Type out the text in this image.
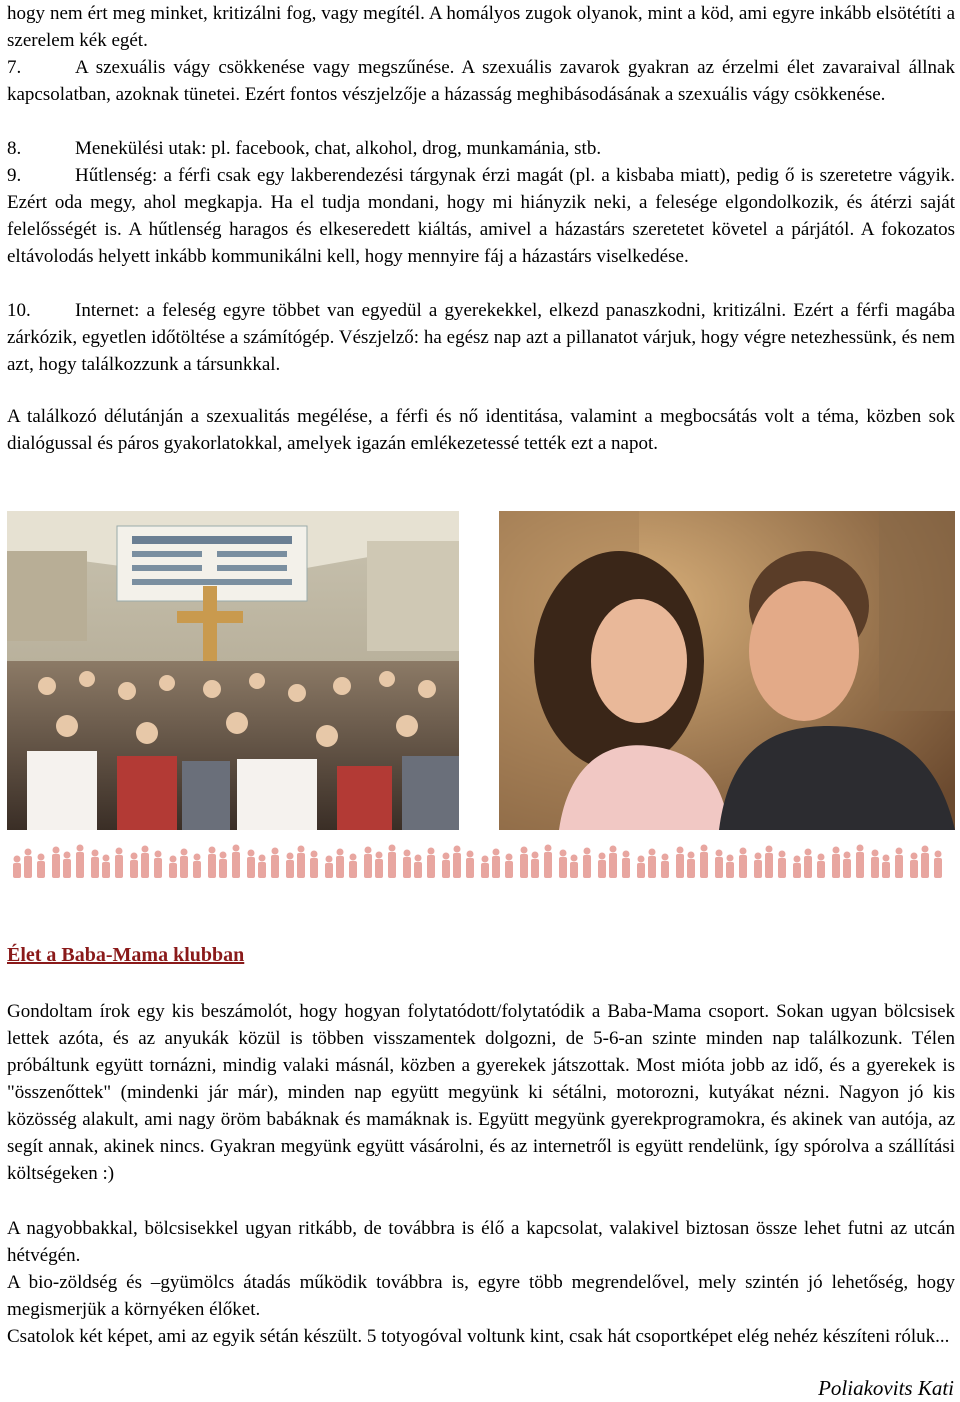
hogy nem ért meg minket, kritizálni fog, vagy megítél. A homályos zugok olyanok, mint a köd, ami egyre inkább elsötétíti a szerelem kék egét.

7.	A szexuális vágy csökkenése vagy megszűnése. A szexuális zavarok gyakran az érzelmi élet zavaraival állnak kapcsolatban, azoknak tünetei. Ezért fontos vészjelzője a házasság meghibásodásának a szexuális vágy csökkenése.
8.	Menekülési utak: pl. facebook, chat, alkohol, drog, munkamánia, stb.
9.	Hűtlenség: a férfi csak egy lakberendezési tárgynak érzi magát (pl. a kisbaba miatt), pedig ő is szeretetre vágyik. Ezért oda megy, ahol megkapja. Ha el tudja mondani, hogy mi hiányzik neki, a felesége elgondolkozik, és átérzi saját felelősségét is. A hűtlenség haragos és elkeseredett kiáltás, amivel a házastárs szeretetet követel a párjától. A fokozatos eltávolodás helyett inkább kommunikálni kell, hogy mennyire fáj a házastárs viselkedése.
10. Internet: a feleség egyre többet van egyedül a gyerekekkel, elkezd panaszkodni, kritizálni. Ezért a férfi magába zárkózik, egyetlen időtöltése a számítógép. Vészjelző: ha egész nap azt a pillanatot várjuk, hogy végre netezhessünk, és nem azt, hogy találkozzunk a társunkkal.

A találkozó délutánján a szexualitás megélése, a férfi és nő identitása, valamint a megbocsátás volt a téma, közben sok dialógussal és páros gyakorlatokkal, amelyek igazán emlékezetessé tették ezt a napot.

Élet a Baba-Mama klubban

Gondoltam írok egy kis beszámolót, hogy hogyan folytatódott/folytatódik a Baba-Mama csoport. Sokan ugyan bölcsisek lettek azóta, és az anyukák közül is többen visszamentek dolgozni, de 5-6-an szinte minden nap találkozunk. Télen próbáltunk együtt tornázni, mindig valaki másnál, közben a gyerekek játszottak. Most mióta jobb az idő, és a gyerekek is "összenőttek" (mindenki jár már), minden nap együtt megyünk ki sétálni, motorozni, kutyákat nézni. Nagyon jó kis közösség alakult, ami nagy öröm babáknak és mamáknak is. Együtt megyünk gyerekprogramokra, és akinek van autója, az segít annak, akinek nincs. Gyakran megyünk együtt vásárolni, és az internetről is együtt rendelünk, így spórolva a szállítási költségeken :)

A nagyobbakkal, bölcsisekkel ugyan ritkább, de továbbra is élő a kapcsolat, valakivel biztosan össze lehet futni az utcán hétvégén.

A bio-zöldség és –gyümölcs átadás működik továbbra is, egyre több megrendelővel, mely szintén jó lehetőség, hogy megismerjük a környéken élőket.

Csatolok két képet, ami az egyik sétán készült. 5 totyogóval voltunk kint, csak hát csoportképet elég nehéz készíteni róluk...

Poliakovits Kati
